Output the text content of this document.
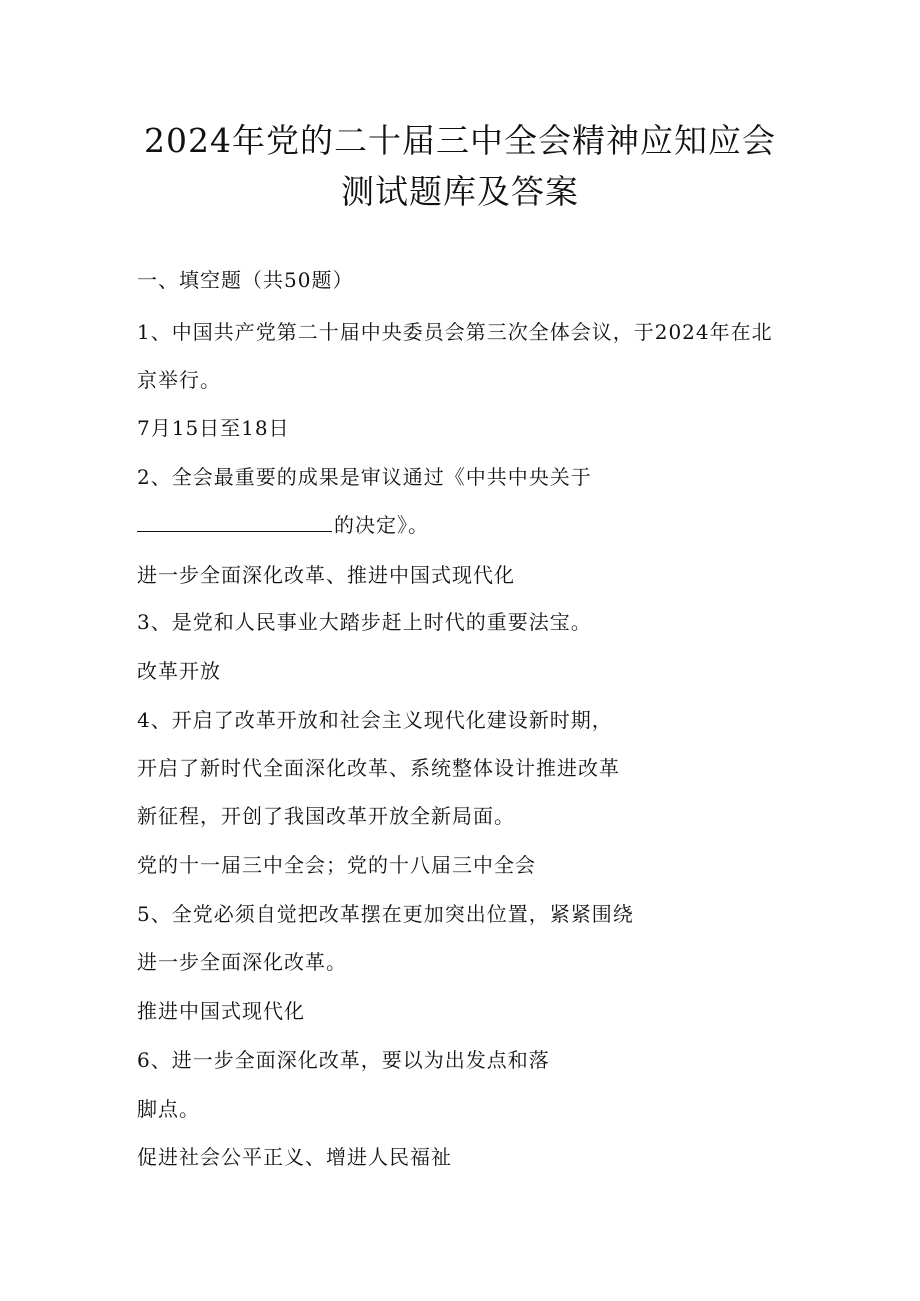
2024年党的二十届三中全会精神应知应会
测试题库及答案
一、填空题（共50题）
1、中国共产党第二十届中央委员会第三次全体会议，于2024年在北
京举行。
7月15日至18日
2、全会最重要的成果是审议通过《中共中央关于
的决定》。
进一步全面深化改革、推进中国式现代化
3、是党和人民事业大踏步赶上时代的重要法宝。
改革开放
4、开启了改革开放和社会主义现代化建设新时期，
开启了新时代全面深化改革、系统整体设计推进改革
新征程，开创了我国改革开放全新局面。
党的十一届三中全会；党的十八届三中全会
5、全党必须自觉把改革摆在更加突出位置，紧紧围绕
进一步全面深化改革。
推进中国式现代化
6、进一步全面深化改革，要以为出发点和落
脚点。
促进社会公平正义、增进人民福祉
